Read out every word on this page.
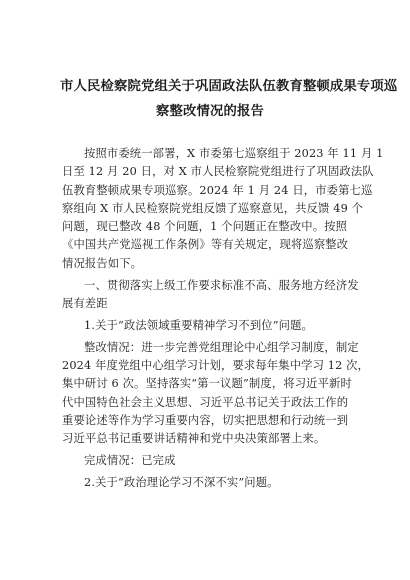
市人民检察院党组关于巩固政法队伍教育整顿成果专项巡
察整改情况的报告
按照市委统一部署，X 市委第七巡察组于 2023 年 11 月 1
日至 12 月 20 日，对 X 市人民检察院党组进行了巩固政法队
伍教育整顿成果专项巡察。2024 年 1 月 24 日，市委第七巡
察组向 X 市人民检察院党组反馈了巡察意见，共反馈 49 个
问题，现已整改 48 个问题，1 个问题正在整改中。按照
《中国共产党巡视工作条例》等有关规定，现将巡察整改
情况报告如下。
一、贯彻落实上级工作要求标准不高、服务地方经济发
展有差距
1.关于“政法领域重要精神学习不到位”问题。
整改情况：进一步完善党组理论中心组学习制度，制定
2024 年度党组中心组学习计划，要求每年集中学习 12 次，
集中研讨 6 次。坚持落实“第一议题”制度，将习近平新时
代中国特色社会主义思想、习近平总书记关于政法工作的
重要论述等作为学习重要内容，切实把思想和行动统一到
习近平总书记重要讲话精神和党中央决策部署上来。
完成情况：已完成
2.关于“政治理论学习不深不实”问题。
